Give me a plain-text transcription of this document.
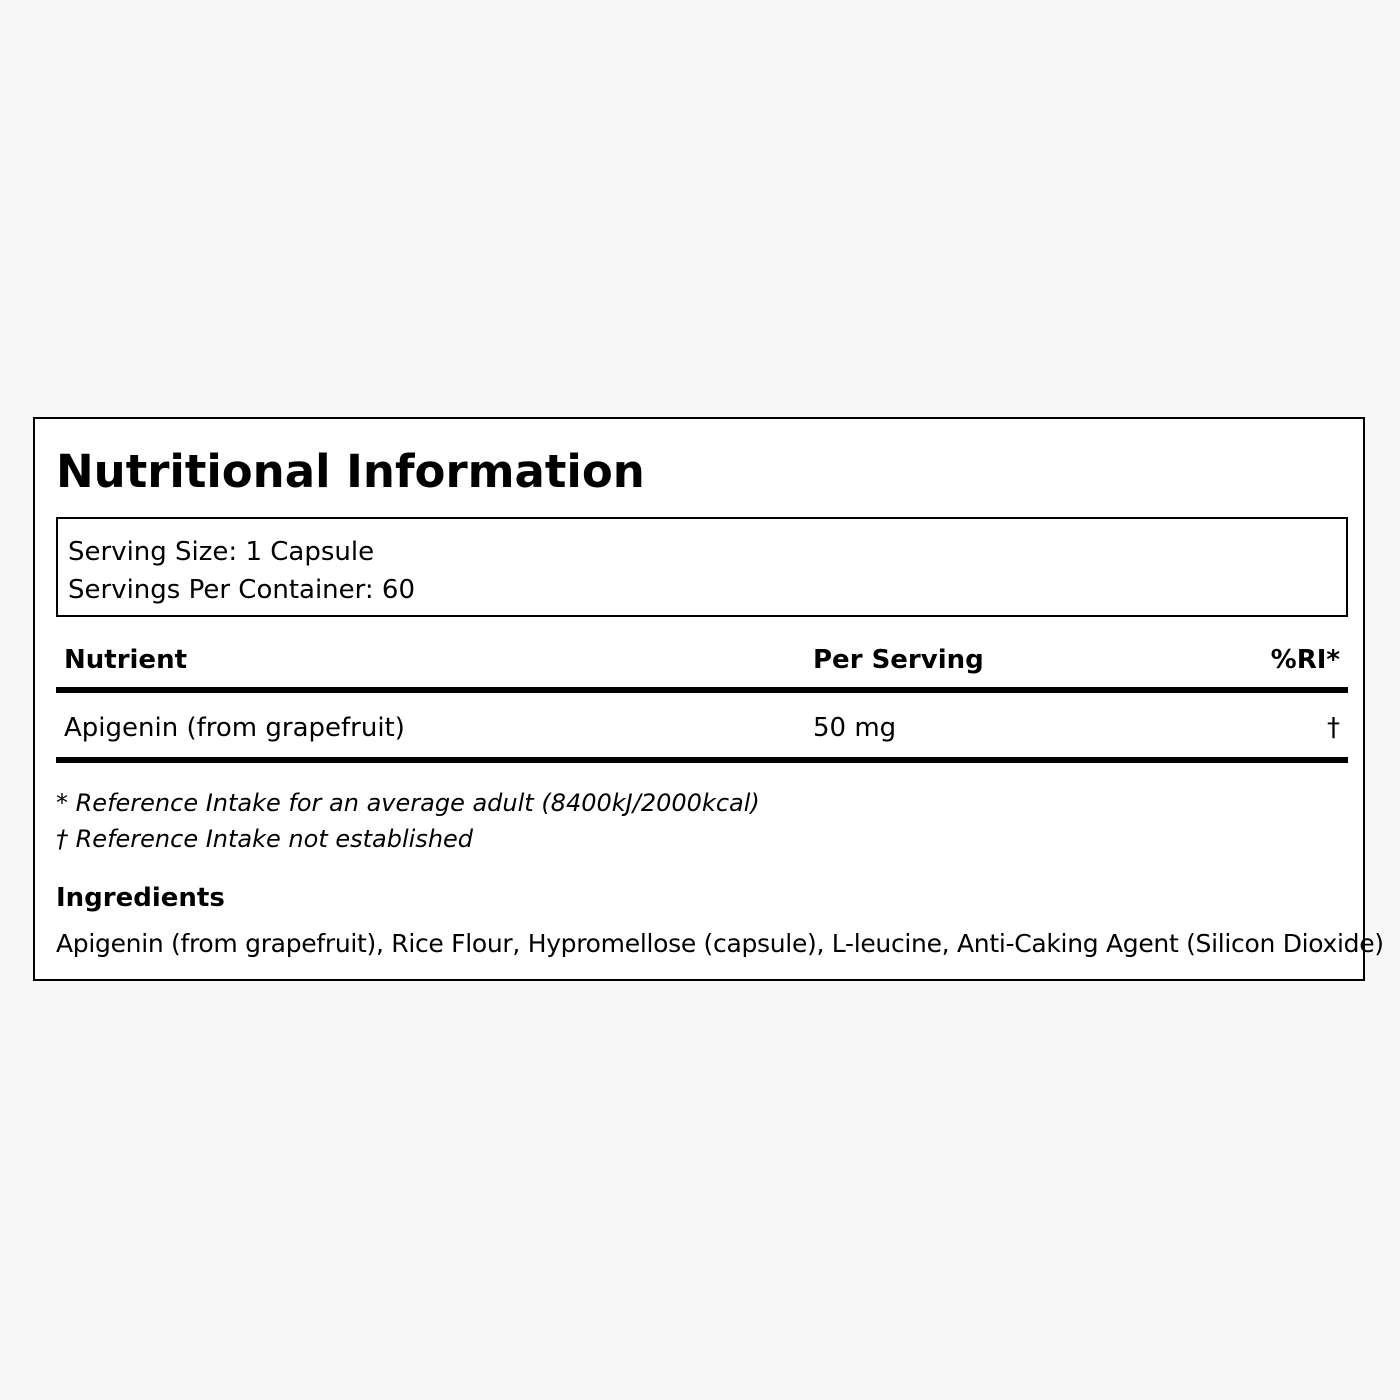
Nutritional Information
Serving Size: 1 Capsule
Servings Per Container: 60
Nutrient	Per Serving	%RI*
Apigenin (from grapefruit)	50 mg	†
* Reference Intake for an average adult (8400kJ/2000kcal)
† Reference Intake not established
Ingredients
Apigenin (from grapefruit), Rice Flour, Hypromellose (capsule), L-leucine, Anti-Caking Agent (Silicon Dioxide)
